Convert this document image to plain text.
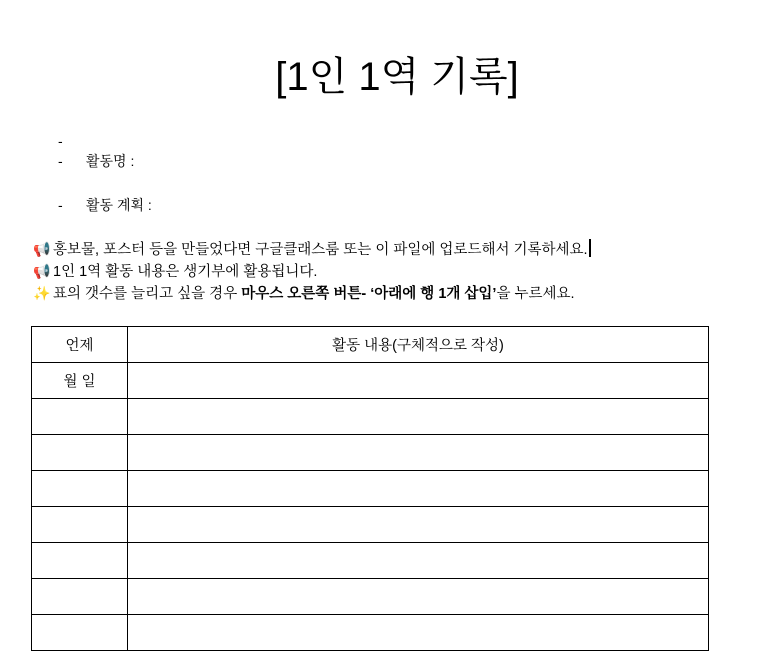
[1인 1역 기록]
-
- 활동명 :
- 활동 계획 :
📢 홍보물, 포스터 등을 만들었다면 구글클래스룸 또는 이 파일에 업로드해서 기록하세요.
📢 1인 1역 활동 내용은 생기부에 활용됩니다.
✨ 표의 갯수를 늘리고 싶을 경우 마우스 오른쪽 버튼- ‘아래에 행 1개 삽입’을 누르세요.
언제	활동 내용(구체적으로 작성)
월 일	
